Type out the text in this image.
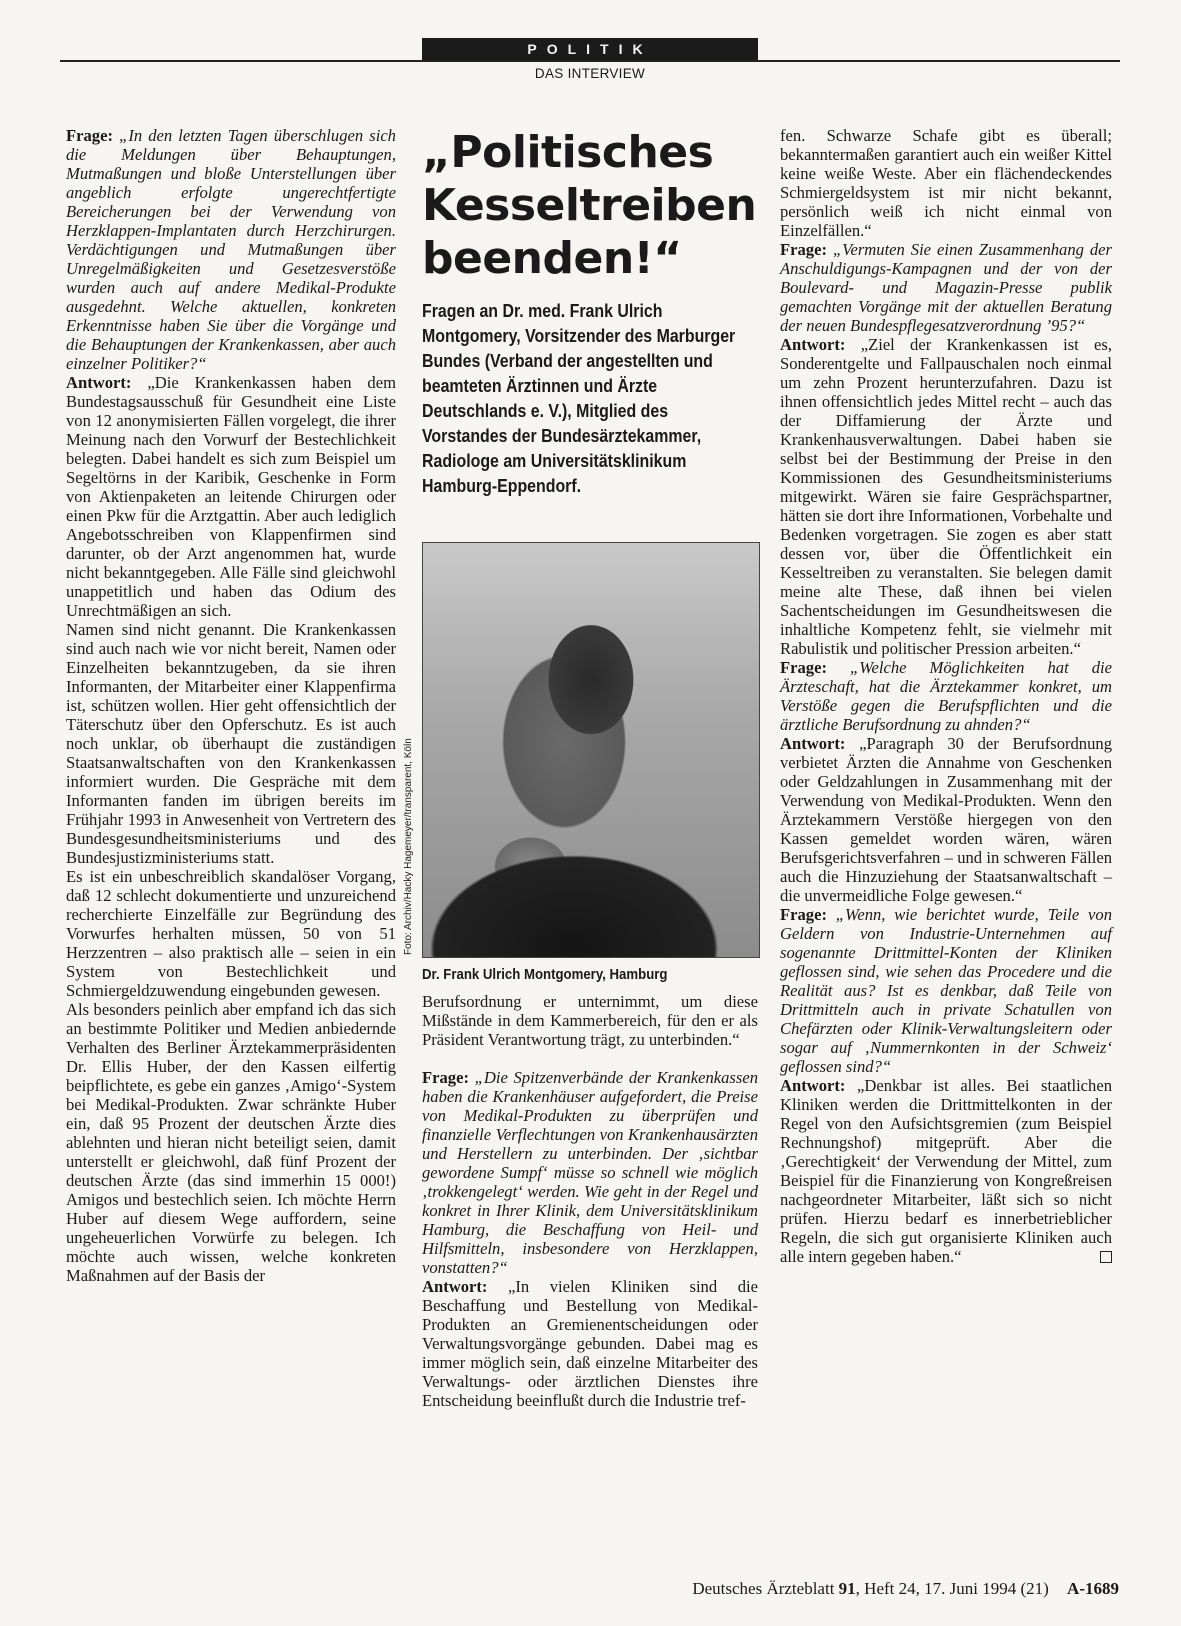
POLITIK
DAS INTERVIEW

Frage: „In den letzten Tagen überschlugen sich die Meldungen über Behauptungen, Mutmaßungen und bloße Unterstellungen über angeblich erfolgte ungerechtfertigte Bereicherungen bei der Verwendung von Herzklappen-Implantaten durch Herzchirurgen. Verdächtigungen und Mutmaßungen über Unregelmäßigkeiten und Gesetzesverstöße wurden auch auf andere Medikal-Produkte ausgedehnt. Welche aktuellen, konkreten Erkenntnisse haben Sie über die Vorgänge und die Behauptungen der Krankenkassen, aber auch einzelner Politiker?“

Antwort: „Die Krankenkassen haben dem Bundestagsausschuß für Gesundheit eine Liste von 12 anonymisierten Fällen vorgelegt, die ihrer Meinung nach den Vorwurf der Bestechlichkeit belegten. Dabei handelt es sich zum Beispiel um Segeltörns in der Karibik, Geschenke in Form von Aktienpaketen an leitende Chirurgen oder einen Pkw für die Arztgattin. Aber auch lediglich Angebotsschreiben von Klappenfirmen sind darunter, ob der Arzt angenommen hat, wurde nicht bekanntgegeben. Alle Fälle sind gleichwohl unappetitlich und haben das Odium des Unrechtmäßigen an sich.

Namen sind nicht genannt. Die Krankenkassen sind auch nach wie vor nicht bereit, Namen oder Einzelheiten bekanntzugeben, da sie ihren Informanten, der Mitarbeiter einer Klappenfirma ist, schützen wollen. Hier geht offensichtlich der Täterschutz über den Opferschutz. Es ist auch noch unklar, ob überhaupt die zuständigen Staatsanwaltschaften von den Krankenkassen informiert wurden. Die Gespräche mit dem Informanten fanden im übrigen bereits im Frühjahr 1993 in Anwesenheit von Vertretern des Bundesgesundheitsministeriums und des Bundesjustizministeriums statt.

Es ist ein unbeschreiblich skandalöser Vorgang, daß 12 schlecht dokumentierte und unzureichend recherchierte Einzelfälle zur Begründung des Vorwurfes herhalten müssen, 50 von 51 Herzzentren – also praktisch alle – seien in ein System von Bestechlichkeit und Schmiergeldzuwendung eingebunden gewesen.

Als besonders peinlich aber empfand ich das sich an bestimmte Politiker und Medien anbiedernde Verhalten des Berliner Ärztekammerpräsidenten Dr. Ellis Huber, der den Kassen eilfertig beipflichtete, es gebe ein ganzes ‚Amigo‘-System bei Medikal-Produkten. Zwar schränkte Huber ein, daß 95 Prozent der deutschen Ärzte dies ablehnten und hieran nicht beteiligt seien, damit unterstellt er gleichwohl, daß fünf Prozent der deutschen Ärzte (das sind immerhin 15 000!) Amigos und bestechlich seien. Ich möchte Herrn Huber auf diesem Wege auffordern, seine ungeheuerlichen Vorwürfe zu belegen. Ich möchte auch wissen, welche konkreten Maßnahmen auf der Basis der

„Politisches Kesseltreiben beenden!“
Fragen an Dr. med. Frank Ulrich Montgomery, Vorsitzender des Marburger Bundes (Verband der angestellten und beamteten Ärztinnen und Ärzte Deutschlands e. V.), Mitglied des Vorstandes der Bundesärztekammer, Radiologe am Universitätsklinikum Hamburg-Eppendorf.
Foto: Archiv/Hacky Hagemeyer/transparent, Köln
Dr. Frank Ulrich Montgomery, Hamburg

Berufsordnung er unternimmt, um diese Mißstände in dem Kammerbereich, für den er als Präsident Verantwortung trägt, zu unterbinden.“

Frage: „Die Spitzenverbände der Krankenkassen haben die Krankenhäuser aufgefordert, die Preise von Medikal-Produkten zu überprüfen und finanzielle Verflechtungen von Krankenhausärzten und Herstellern zu unterbinden. Der ‚sichtbar gewordene Sumpf‘ müsse so schnell wie möglich ‚trokkengelegt‘ werden. Wie geht in der Regel und konkret in Ihrer Klinik, dem Universitätsklinikum Hamburg, die Beschaffung von Heil- und Hilfsmitteln, insbesondere von Herzklappen, vonstatten?“

Antwort: „In vielen Kliniken sind die Beschaffung und Bestellung von Medikal-Produkten an Gremienentscheidungen oder Verwaltungsvorgänge gebunden. Dabei mag es immer möglich sein, daß einzelne Mitarbeiter des Verwaltungs- oder ärztlichen Dienstes ihre Entscheidung beeinflußt durch die Industrie tref-

fen. Schwarze Schafe gibt es überall; bekanntermaßen garantiert auch ein weißer Kittel keine weiße Weste. Aber ein flächendeckendes Schmiergeldsystem ist mir nicht bekannt, persönlich weiß ich nicht einmal von Einzelfällen.“

Frage: „Vermuten Sie einen Zusammenhang der Anschuldigungs-Kampagnen und der von der Boulevard- und Magazin-Presse publik gemachten Vorgänge mit der aktuellen Beratung der neuen Bundespflegesatzverordnung ’95?“

Antwort: „Ziel der Krankenkassen ist es, Sonderentgelte und Fallpauschalen noch einmal um zehn Prozent herunterzufahren. Dazu ist ihnen offensichtlich jedes Mittel recht – auch das der Diffamierung der Ärzte und Krankenhausverwaltungen. Dabei haben sie selbst bei der Bestimmung der Preise in den Kommissionen des Gesundheitsministeriums mitgewirkt. Wären sie faire Gesprächspartner, hätten sie dort ihre Informationen, Vorbehalte und Bedenken vorgetragen. Sie zogen es aber statt dessen vor, über die Öffentlichkeit ein Kesseltreiben zu veranstalten. Sie belegen damit meine alte These, daß ihnen bei vielen Sachentscheidungen im Gesundheitswesen die inhaltliche Kompetenz fehlt, sie vielmehr mit Rabulistik und politischer Pression arbeiten.“

Frage: „Welche Möglichkeiten hat die Ärzteschaft, hat die Ärztekammer konkret, um Verstöße gegen die Berufspflichten und die ärztliche Berufsordnung zu ahnden?“

Antwort: „Paragraph 30 der Berufsordnung verbietet Ärzten die Annahme von Geschenken oder Geldzahlungen in Zusammenhang mit der Verwendung von Medikal-Produkten. Wenn den Ärztekammern Verstöße hiergegen von den Kassen gemeldet worden wären, wären Berufsgerichtsverfahren – und in schweren Fällen auch die Hinzuziehung der Staatsanwaltschaft – die unvermeidliche Folge gewesen.“

Frage: „Wenn, wie berichtet wurde, Teile von Geldern von Industrie-Unternehmen auf sogenannte Drittmittel-Konten der Kliniken geflossen sind, wie sehen das Procedere und die Realität aus? Ist es denkbar, daß Teile von Drittmitteln auch in private Schatullen von Chefärzten oder Klinik-Verwaltungsleitern oder sogar auf ‚Nummernkonten in der Schweiz‘ geflossen sind?“

Antwort: „Denkbar ist alles. Bei staatlichen Kliniken werden die Drittmittelkonten in der Regel von den Aufsichtsgremien (zum Beispiel Rechnungshof) mitgeprüft. Aber die ‚Gerechtigkeit‘ der Verwendung der Mittel, zum Beispiel für die Finanzierung von Kongreßreisen nachgeordneter Mitarbeiter, läßt sich so nicht prüfen. Hierzu bedarf es innerbetrieblicher Regeln, die sich gut organisierte Kliniken auch alle intern gegeben haben.“

Deutsches Ärzteblatt 91, Heft 24, 17. Juni 1994 (21) A-1689
